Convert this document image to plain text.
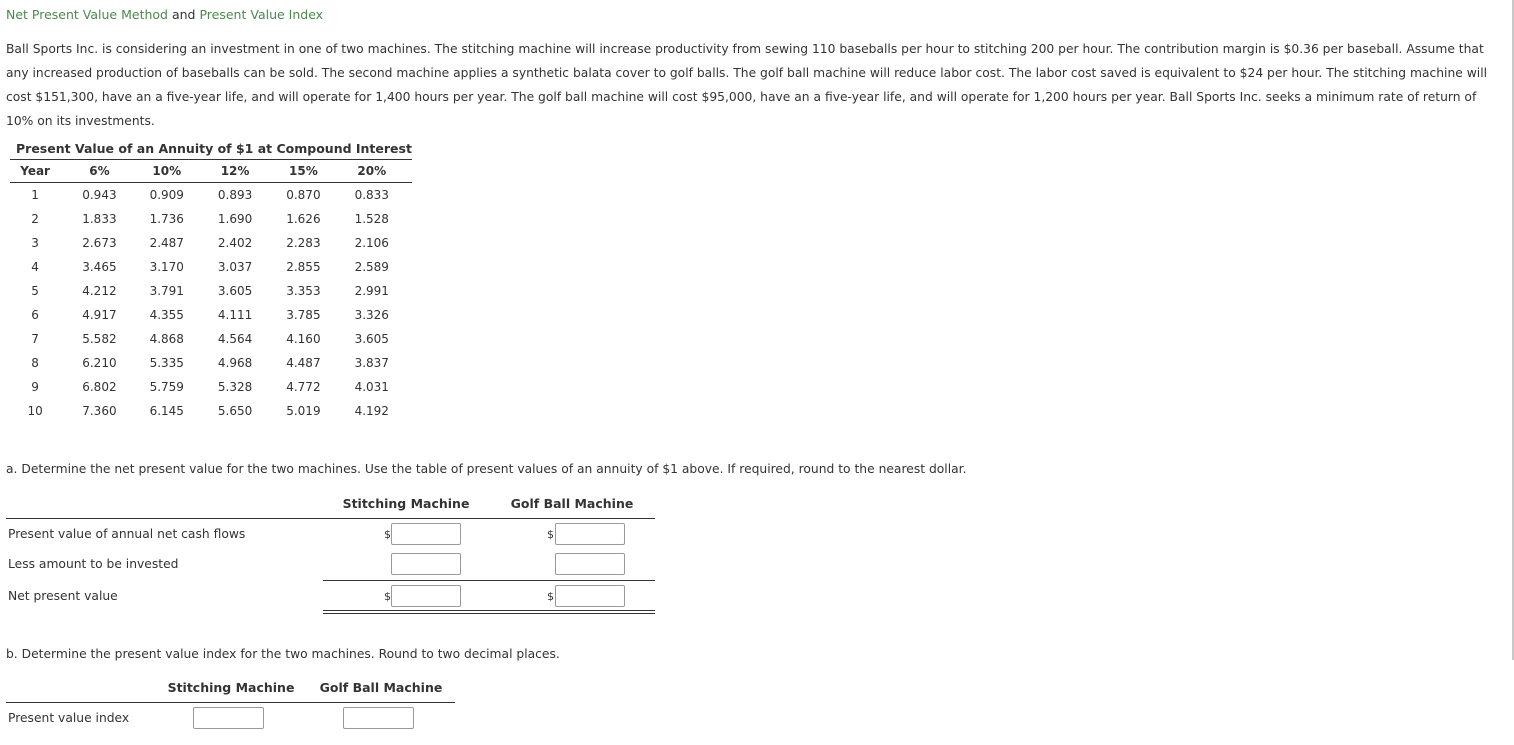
Net Present Value Method and Present Value Index
Ball Sports Inc. is considering an investment in one of two machines. The stitching machine will increase productivity from sewing 110 baseballs per hour to stitching 200 per hour. The contribution margin is $0.36 per baseball. Assume that any increased production of baseballs can be sold. The second machine applies a synthetic balata cover to golf balls. The golf ball machine will reduce labor cost. The labor cost saved is equivalent to $24 per hour. The stitching machine will cost $151,300, have an a five-year life, and will operate for 1,400 hours per year. The golf ball machine will cost $95,000, have an a five-year life, and will operate for 1,200 hours per year. Ball Sports Inc. seeks a minimum rate of return of 10% on its investments.
Present Value of an Annuity of $1 at Compound Interest
Year	6%	10%	12%	15%	20%
1	0.943	0.909	0.893	0.870	0.833
2	1.833	1.736	1.690	1.626	1.528
3	2.673	2.487	2.402	2.283	2.106
4	3.465	3.170	3.037	2.855	2.589
5	4.212	3.791	3.605	3.353	2.991
6	4.917	4.355	4.111	3.785	3.326
7	5.582	4.868	4.564	4.160	3.605
8	6.210	5.335	4.968	4.487	3.837
9	6.802	5.759	5.328	4.772	4.031
10	7.360	6.145	5.650	5.019	4.192
a. Determine the net present value for the two machines. Use the table of present values of an annuity of $1 above. If required, round to the nearest dollar.
Stitching Machine	Golf Ball Machine
Present value of annual net cash flows	$	$
Less amount to be invested
Net present value	$	$
b. Determine the present value index for the two machines. Round to two decimal places.
Stitching Machine Golf Ball Machine
Present value index
